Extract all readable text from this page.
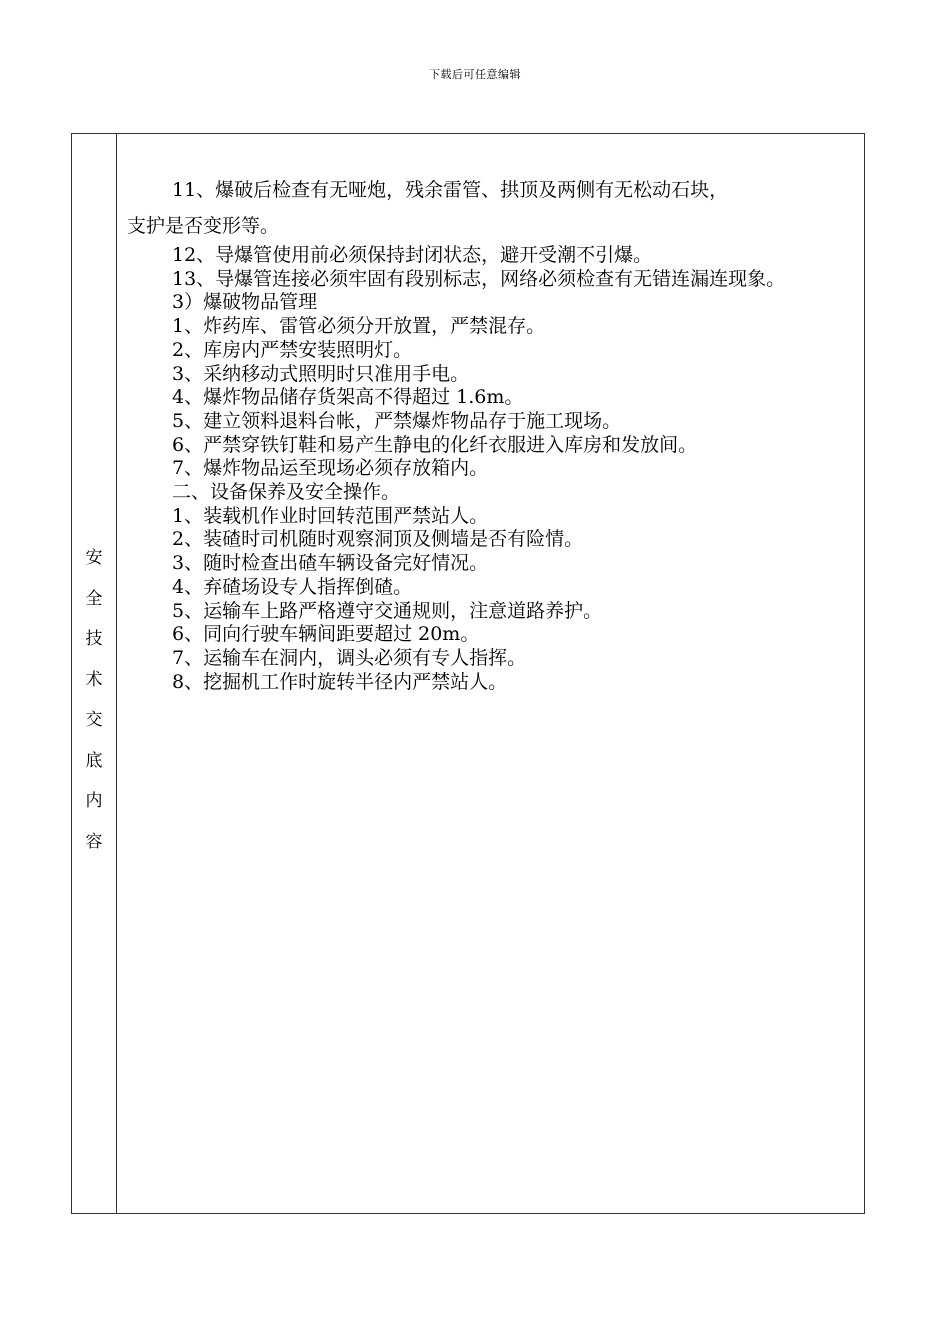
下载后可任意编辑
安
全
技
术
交
底
内
容
11、爆破后检查有无哑炮，残余雷管、拱顶及两侧有无松动石块，
支护是否变形等。
12、导爆管使用前必须保持封闭状态，避开受潮不引爆。
13、导爆管连接必须牢固有段别标志，网络必须检查有无错连漏连现象。
3）爆破物品管理
1、炸药库、雷管必须分开放置，严禁混存。
2、库房内严禁安装照明灯。
3、采纳移动式照明时只准用手电。
4、爆炸物品储存货架高不得超过 1.6m。
5、建立领料退料台帐，严禁爆炸物品存于施工现场。
6、严禁穿铁钉鞋和易产生静电的化纤衣服进入库房和发放间。
7、爆炸物品运至现场必须存放箱内。
二、设备保养及安全操作。
1、装载机作业时回转范围严禁站人。
2、装碴时司机随时观察洞顶及侧墙是否有险情。
3、随时检查出碴车辆设备完好情况。
4、弃碴场设专人指挥倒碴。
5、运输车上路严格遵守交通规则，注意道路养护。
6、同向行驶车辆间距要超过 20m。
7、运输车在洞内，调头必须有专人指挥。
8、挖掘机工作时旋转半径内严禁站人。
